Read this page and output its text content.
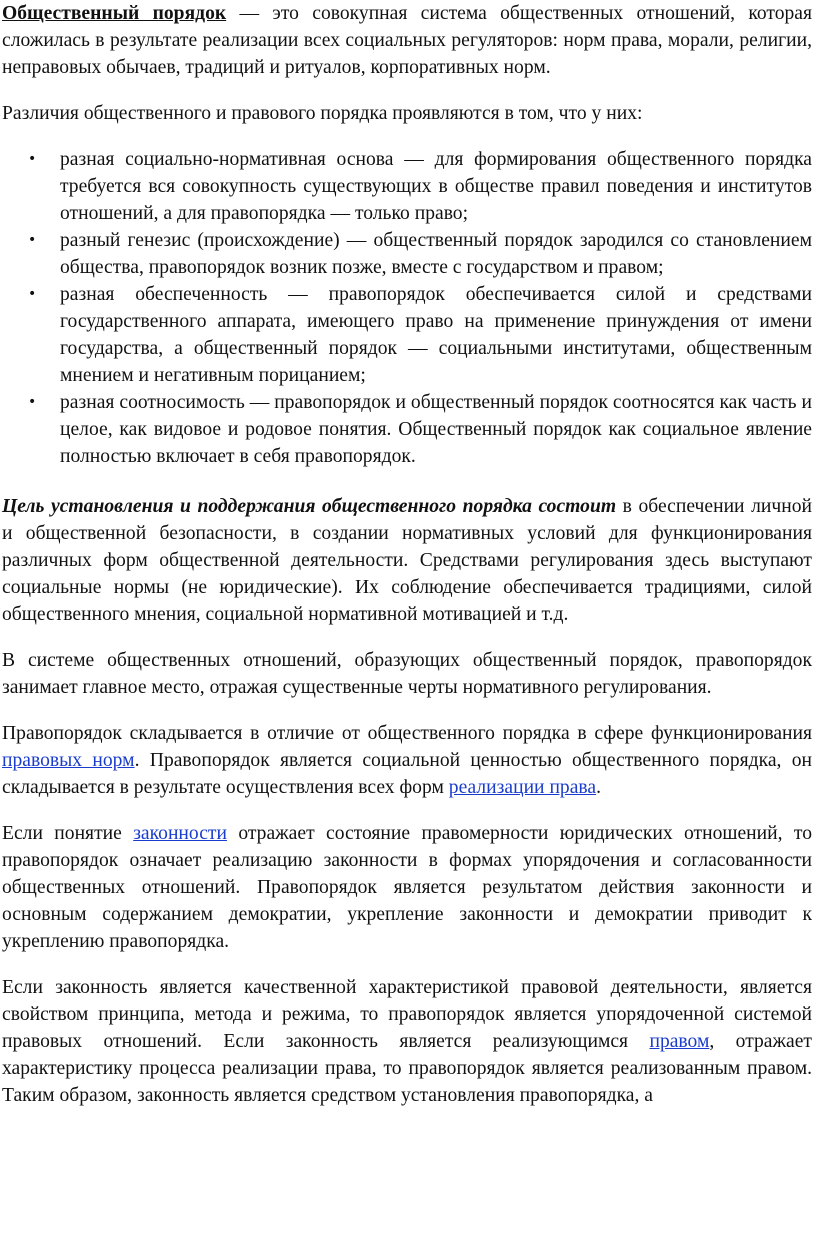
Общественный порядок — это совокупная система общественных отношений, которая сложилась в результате реализации всех социальных регуляторов: норм права, морали, религии, неправовых обычаев, традиций и ритуалов, корпоративных норм.

Различия общественного и правового порядка проявляются в том, что у них:

• разная социально-нормативная основа — для формирования общественного порядка требуется вся совокупность существующих в обществе правил поведения и институтов отношений, а для правопорядка — только право;
• разный генезис (происхождение) — общественный порядок зародился со становлением общества, правопорядок возник позже, вместе с государством и правом;
• разная обеспеченность — правопорядок обеспечивается силой и средствами государственного аппарата, имеющего право на применение принуждения от имени государства, а общественный порядок — социальными институтами, общественным мнением и негативным порицанием;
• разная соотносимость — правопорядок и общественный порядок соотносятся как часть и целое, как видовое и родовое понятия. Общественный порядок как социальное явление полностью включает в себя правопорядок.

Цель установления и поддержания общественного порядка состоит в обеспечении личной и общественной безопасности, в создании нормативных условий для функционирования различных форм общественной деятельности. Средствами регулирования здесь выступают социальные нормы (не юридические). Их соблюдение обеспечивается традициями, силой общественного мнения, социальной нормативной мотивацией и т.д.

В системе общественных отношений, образующих общественный порядок, правопорядок занимает главное место, отражая существенные черты нормативного регулирования.

Правопорядок складывается в отличие от общественного порядка в сфере функционирования правовых норм. Правопорядок является социальной ценностью общественного порядка, он складывается в результате осуществления всех форм реализации права.

Если понятие законности отражает состояние правомерности юридических отношений, то правопорядок означает реализацию законности в формах упорядочения и согласованности общественных отношений. Правопорядок является результатом действия законности и основным содержанием демократии, укрепление законности и демократии приводит к укреплению правопорядка.

Если законность является качественной характеристикой правовой деятельности, является свойством принципа, метода и режима, то правопорядок является упорядоченной системой правовых отношений. Если законность является реализующимся правом, отражает характеристику процесса реализации права, то правопорядок является реализованным правом. Таким образом, законность является средством установления правопорядка, а
